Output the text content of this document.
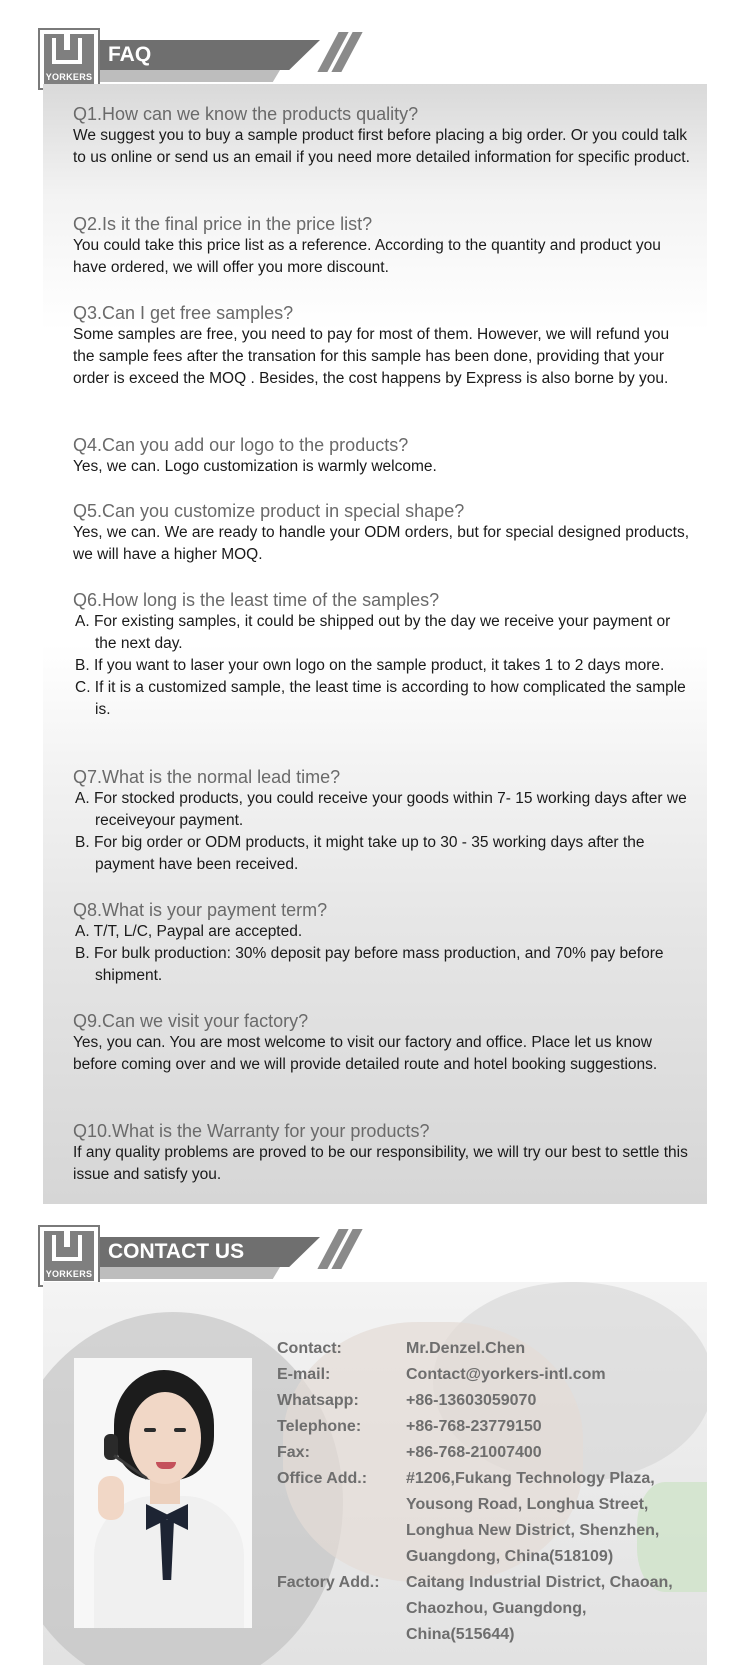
YORKERS
FAQ

Q1.How can we know the products quality?

We suggest you to buy a sample product first before placing a big order. Or you could talk to us online or send us an email if you need more detailed information for specific product.

Q2.Is it the final price in the price list?

You could take this price list as a reference. According to the quantity and product you have ordered, we will offer you more discount.

Q3.Can I get free samples?

Some samples are free, you need to pay for most of them. However, we will refund you the sample fees after the transation for this sample has been done, providing that your order is exceed the MOQ . Besides, the cost happens by Express is also borne by you.

Q4.Can you add our logo to the products?

Yes, we can. Logo customization is warmly welcome.

Q5.Can you customize product in special shape?

Yes, we can. We are ready to handle your ODM orders, but for special designed products, we will have a higher MOQ.

Q6.How long is the least time of the samples?

A. For existing samples, it could be shipped out by the day we receive your payment or the next day.
B. If you want to laser your own logo on the sample product, it takes 1 to 2 days more.
C. If it is a customized sample, the least time is according to how complicated the sample is.

Q7.What is the normal lead time?

A. For stocked products, you could receive your goods within 7- 15 working days after we receiveyour payment.
B. For big order or ODM products, it might take up to 30 - 35 working days after the payment have been received.

Q8.What is your payment term?

A. T/T, L/C, Paypal are accepted.
B. For bulk production: 30% deposit pay before mass production, and 70% pay before shipment.

Q9.Can we visit your factory?

Yes, you can. You are most welcome to visit our factory and office. Place let us know before coming over and we will provide detailed route and hotel booking suggestions.

Q10.What is the Warranty for your products?

If any quality problems are proved to be our responsibility, we will try our best to settle this issue and satisfy you.

YORKERS
CONTACT US
Contact:	Mr.Denzel.Chen
E-mail:	Contact@yorkers-intl.com
Whatsapp:	+86-13603059070
Telephone:	+86-768-23779150
Fax:	+86-768-21007400
Office Add.:	#1206,Fukang Technology Plaza,
Yousong Road, Longhua Street,
Longhua New District, Shenzhen,
Guangdong, China(518109)
Factory Add.:	Caitang Industrial District, Chaoan,
Chaozhou, Guangdong,
China(515644)
